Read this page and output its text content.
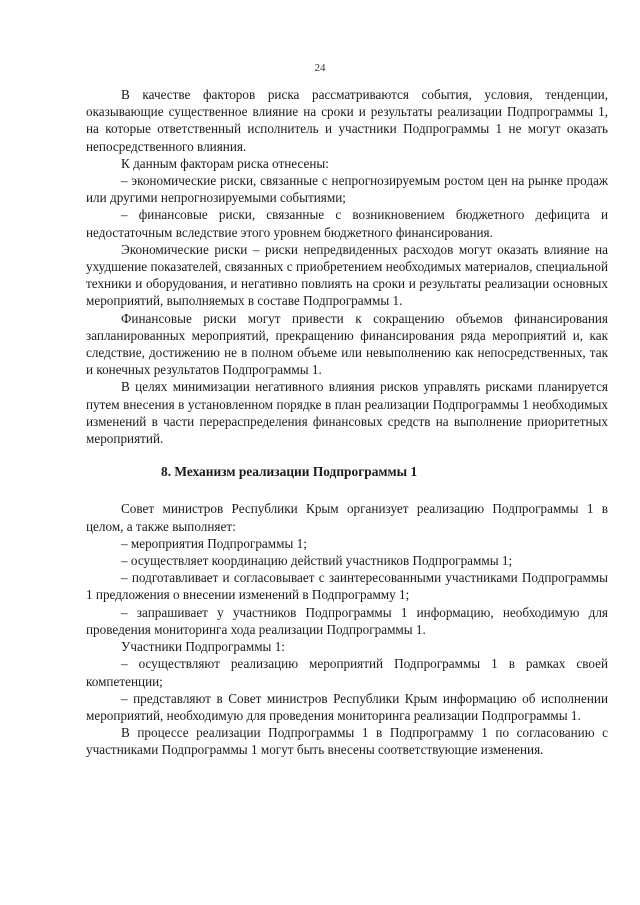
24

В качестве факторов риска рассматриваются события, условия, тенденции, оказывающие существенное влияние на сроки и результаты реализации Подпрограммы 1, на которые ответственный исполнитель и участники Подпрограммы 1 не могут оказать непосредственного влияния.

К данным факторам риска отнесены:

– экономические риски, связанные с непрогнозируемым ростом цен на рынке продаж или другими непрогнозируемыми событиями;

– финансовые риски, связанные с возникновением бюджетного дефицита и недостаточным вследствие этого уровнем бюджетного финансирования.

Экономические риски – риски непредвиденных расходов могут оказать влияние на ухудшение показателей, связанных с приобретением необходимых материалов, специальной техники и оборудования, и негативно повлиять на сроки и результаты реализации основных мероприятий, выполняемых в составе Подпрограммы 1.

Финансовые риски могут привести к сокращению объемов финансирования запланированных мероприятий, прекращению финансирования ряда мероприятий и, как следствие, достижению не в полном объеме или невыполнению как непосредственных, так и конечных результатов Подпрограммы 1.

В целях минимизации негативного влияния рисков управлять рисками планируется путем внесения в установленном порядке в план реализации Подпрограммы 1 необходимых изменений в части перераспределения финансовых средств на выполнение приоритетных мероприятий.

8. Механизм реализации Подпрограммы 1

Совет министров Республики Крым организует реализацию Подпрограммы 1 в целом, а также выполняет:

– мероприятия Подпрограммы 1;

– осуществляет координацию действий участников Подпрограммы 1;

– подготавливает и согласовывает с заинтересованными участниками Подпрограммы 1 предложения о внесении изменений в Подпрограмму 1;

– запрашивает у участников Подпрограммы 1 информацию, необходимую для проведения мониторинга хода реализации Подпрограммы 1.

Участники Подпрограммы 1:

– осуществляют реализацию мероприятий Подпрограммы 1 в рамках своей компетенции;

– представляют в Совет министров Республики Крым информацию об исполнении мероприятий, необходимую для проведения мониторинга реализации Подпрограммы 1.

В процессе реализации Подпрограммы 1 в Подпрограмму 1 по согласованию с участниками Подпрограммы 1 могут быть внесены соответствующие изменения.
